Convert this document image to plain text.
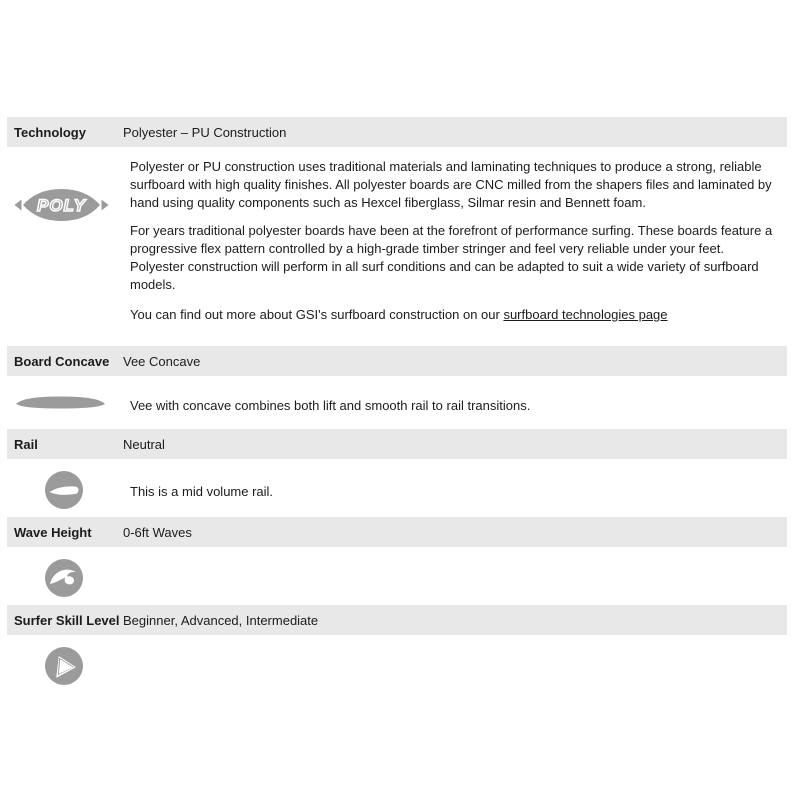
Technology	Polyester – PU Construction
POLY

Polyester or PU construction uses traditional materials and laminating techniques to produce a strong, reliable surfboard with high quality finishes. All polyester boards are CNC milled from the shapers files and laminated by hand using quality components such as Hexcel fiberglass, Silmar resin and Bennett foam.

For years traditional polyester boards have been at the forefront of performance surfing. These boards feature a progressive flex pattern controlled by a high-grade timber stringer and feel very reliable under your feet. Polyester construction will perform in all surf conditions and can be adapted to suit a wide variety of surfboard models.

You can find out more about GSI's surfboard construction on our surfboard technologies page

Board Concave	Vee Concave
Vee with concave combines both lift and smooth rail to rail transitions.
Rail	Neutral
This is a mid volume rail.
Wave Height	0-6ft Waves
Surfer Skill Level Beginner, Advanced, Intermediate
